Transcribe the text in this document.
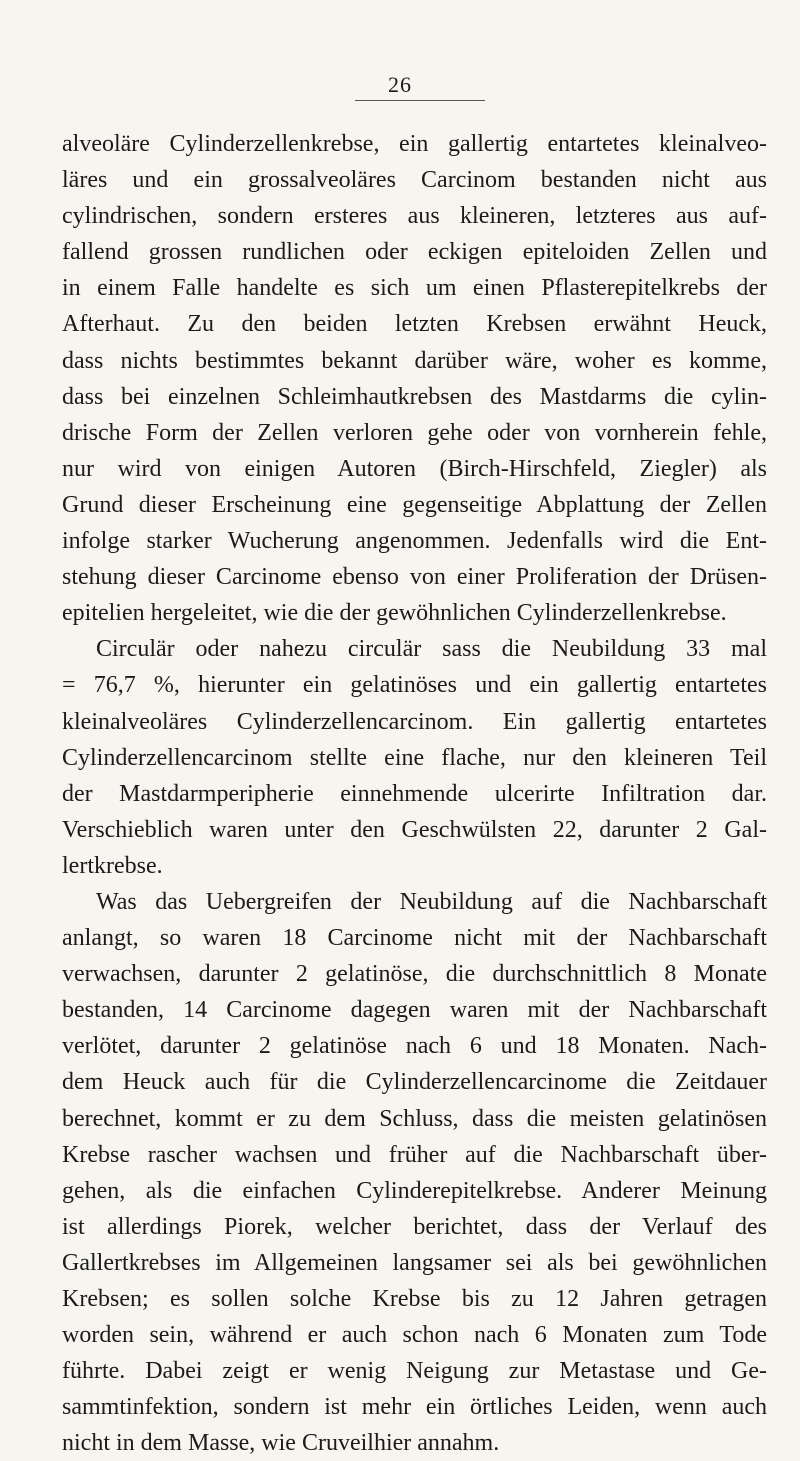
26
alveoläre Cylinderzellenkrebse, ein gallertig entartetes kleinalveo-
läres und ein grossalveoläres Carcinom bestanden nicht aus
cylindrischen, sondern ersteres aus kleineren, letzteres aus auf-
fallend grossen rundlichen oder eckigen epiteloiden Zellen und
in einem Falle handelte es sich um einen Pflasterepitelkrebs der
Afterhaut. Zu den beiden letzten Krebsen erwähnt Heuck,
dass nichts bestimmtes bekannt darüber wäre, woher es komme,
dass bei einzelnen Schleimhautkrebsen des Mastdarms die cylin-
drische Form der Zellen verloren gehe oder von vornherein fehle,
nur wird von einigen Autoren (Birch-Hirschfeld, Ziegler) als
Grund dieser Erscheinung eine gegenseitige Abplattung der Zellen
infolge starker Wucherung angenommen. Jedenfalls wird die Ent-
stehung dieser Carcinome ebenso von einer Proliferation der Drüsen-
epitelien hergeleitet, wie die der gewöhnlichen Cylinderzellenkrebse.
Circulär oder nahezu circulär sass die Neubildung 33 mal
= 76,7 %, hierunter ein gelatinöses und ein gallertig entartetes
kleinalveoläres Cylinderzellencarcinom. Ein gallertig entartetes
Cylinderzellencarcinom stellte eine flache, nur den kleineren Teil
der Mastdarmperipherie einnehmende ulcerirte Infiltration dar.
Verschieblich waren unter den Geschwülsten 22, darunter 2 Gal-
lertkrebse.
Was das Uebergreifen der Neubildung auf die Nachbarschaft
anlangt, so waren 18 Carcinome nicht mit der Nachbarschaft
verwachsen, darunter 2 gelatinöse, die durchschnittlich 8 Monate
bestanden, 14 Carcinome dagegen waren mit der Nachbarschaft
verlötet, darunter 2 gelatinöse nach 6 und 18 Monaten. Nach-
dem Heuck auch für die Cylinderzellencarcinome die Zeitdauer
berechnet, kommt er zu dem Schluss, dass die meisten gelatinösen
Krebse rascher wachsen und früher auf die Nachbarschaft über-
gehen, als die einfachen Cylinderepitelkrebse. Anderer Meinung
ist allerdings Piorek, welcher berichtet, dass der Verlauf des
Gallertkrebses im Allgemeinen langsamer sei als bei gewöhnlichen
Krebsen; es sollen solche Krebse bis zu 12 Jahren getragen
worden sein, während er auch schon nach 6 Monaten zum Tode
führte. Dabei zeigt er wenig Neigung zur Metastase und Ge-
sammtinfektion, sondern ist mehr ein örtliches Leiden, wenn auch
nicht in dem Masse, wie Cruveilhier annahm.
